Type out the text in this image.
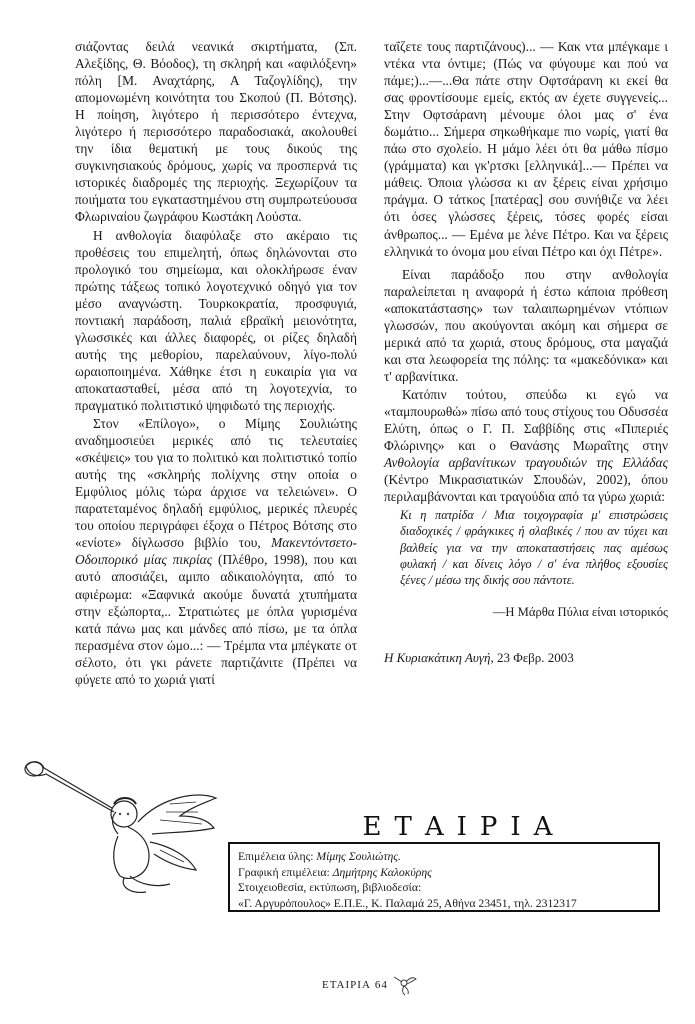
σιάζοντας δειλά νεανικά σκιρτήματα, (Σπ. Αλεξίδης, Θ. Βόοδος), τη σκληρή και «αφιλόξενη» πόλη [Μ. Αναχτάρης, Α Ταζογλίδης), την απομονωμένη κοινότητα του Σκοπού (Π. Βότσης). Η ποίηση, λιγότερο ή περισσότερο έντεχνα, λιγότερο ή περισσότερο παραδοσιακά, ακολουθεί την ίδια θεματική με τους δικούς της συγκινησιακούς δρόμους, χωρίς να προσπερνά τις ιστορικές διαδρομές της περιοχής. Ξεχωρίζουν τα ποιήματα του εγκαταστημένου στη συμπρωτεύουσα Φλωριναίου ζωγράφου Κωστάκη Λούστα.

Η ανθολογία διαφύλαξε στο ακέραιο τις προθέσεις του επιμελητή, όπως δηλώνονται στο προλογικό του σημείωμα, και ολοκλήρωσε έναν πρώτης τάξεως τοπικό λογοτεχνικό οδηγό για τον μέσο αναγνώστη. Τουρκοκρατία, προσφυγιά, ποντιακή παράδοση, παλιά εβραϊκή μειονότητα, γλωσσικές και άλλες διαφορές, οι ρίζες δηλαδή αυτής της μεθορίου, παρελαύνουν, λίγο-πολύ ωραιοποιημένα. Χάθηκε έτσι η ευκαιρία για να αποκατασταθεί, μέσα από τη λογοτεχνία, το πραγματικό πολιτιστικό ψηφιδωτό της περιοχής.

Στον «Επίλογο», ο Μίμης Σουλιώτης αναδημοσιεύει μερικές από τις τελευταίες «σκέψεις» του για το πολιτικό και πολιτιστικό τοπίο αυτής της «σκληρής πολίχνης στην οποία ο Εμφύλιος μόλις τώρα άρχισε να τελειώνει». Ο παρατεταμένος δηλαδή εμφύλιος, μερικές πλευρές του οποίου περιγράφει έξοχα ο Πέτρος Βότσης στο «ενίοτε» δίγλωσσο βιβλίο του, Μακεντόντσετο-Οδοιπορικό μίας πικρίας (Πλέθρο, 1998), που και αυτό αποσιάζει, αμιπο αδικαιολόγητα, από το αφιέρωμα: «Ξαφνικά ακούμε δυνατά χτυπήματα στην εξώπορτα,.. Στρατιώτες με όπλα γυρισμένα κατά πάνω μας και μάνδες από πίσω, με τα όπλα περασμένα στον ώμο...: — Τρέμπα ντα μπέγκατε οτ σέλοτο, ότι γκι ράνετε παρτιζάνιτε (Πρέπει να φύγετε από το χωριά γιατί

ταΐζετε τους παρτιζάνους)... — Κακ ντα μπέγκαμε ι ντέκα ντα όντιμε; (Πώς να φύγουμε και πού να πάμε;)...—...Θα πάτε στην Οφτσάρανη κι εκεί θα σας φροντίσουμε εμείς, εκτός αν έχετε συγγενείς... Στην Οφτσάρανη μένουμε όλοι μας σ' ένα δωμάτιο... Σήμερα σηκωθήκαμε πιο νωρίς, γιατί θα πάω στο σχολείο. Η μάμο λέει ότι θα μάθω πίσμο (γράμματα) και γκ'ρτσκι [ελληνικά]...— Πρέπει να μάθεις. Όποια γλώσσα κι αν ξέρεις είναι χρήσιμο πράγμα. Ο τάτκος [πατέρας] σου συνήθιζε να λέει ότι όσες γλώσσες ξέρεις, τόσες φορές είσαι άνθρωπος... — Εμένα με λένε Πέτρο. Και να ξέρεις ελληνικά το όνομα μου είναι Πέτρο και όχι Πέτρε».

Είναι παράδοξο που στην ανθολογία παραλείπεται η αναφορά ή έστω κάποια πρόθεση «αποκατάστασης» των ταλαιπωρημένων ντόπιων γλωσσών, που ακούγονται ακόμη και σήμερα σε μερικά από τα χωριά, στους δρόμους, στα μαγαζιά και στα λεωφορεία της πόλης: τα «μακεδόνικα» και τ' αρβανίτικα.

Κατόπιν τούτου, σπεύδω κι εγώ να «ταμπουρωθώ» πίσω από τους στίχους του Οδυσσέα Ελύτη, όπως ο Γ. Π. Σαββίδης στις «Πιπεριές Φλώρινης» και ο Θανάσης Μωραΐτης στην Ανθολογία αρβανίτικων τραγουδιών της Ελλάδας (Κέντρο Μικρασιατικών Σπουδών, 2002), όπου περιλαμβάνονται και τραγούδια από τα γύρω χωριά:

Κι η πατρίδα / Μια τοιχογραφία μ' επιστρώσεις διαδοχικές / φράγκικες ή σλαβικές / που αν τύχει και βαλθείς για να την αποκαταστήσεις πας αμέσως φυλακή / και δίνεις λόγο / σ' ένα πλήθος εξουσίες ξένες / μέσω της δικής σου πάντοτε.
—Η Μάρθα Πύλια είναι ιστορικός
Η Κυριακάτικη Αυγή, 23 Φεβρ. 2003
ΕΤΑΙΡΙΑ
Επιμέλεια ύλης: Μίμης Σουλιώτης.
Γραφική επιμέλεια: Δημήτρης Καλοκύρης
Στοιχειοθεσία, εκτύπωση, βιβλιοδεσία:
«Γ. Αργυρόπουλος» Ε.Π.Ε., Κ. Παλαμά 25, Αθήνα 23451, τηλ. 2312317
ΕΤΑΙΡΙΑ 64
